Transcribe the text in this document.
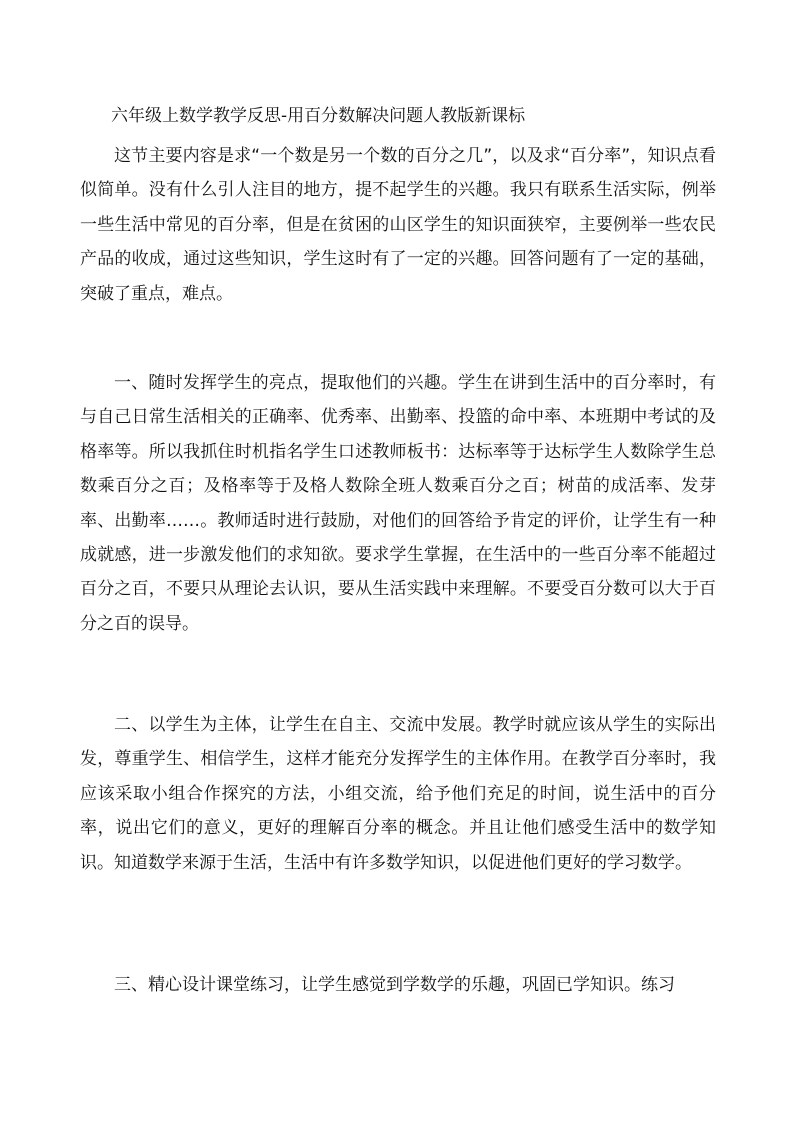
六年级上数学教学反思-用百分数解决问题人教版新课标

这节主要内容是求“一个数是另一个数的百分之几”，以及求“百分率”，知识点看似简单。没有什么引人注目的地方，提不起学生的兴趣。我只有联系生活实际，例举一些生活中常见的百分率，但是在贫困的山区学生的知识面狭窄，主要例举一些农民产品的收成，通过这些知识，学生这时有了一定的兴趣。回答问题有了一定的基础，突破了重点，难点。

一、随时发挥学生的亮点，提取他们的兴趣。学生在讲到生活中的百分率时，有与自己日常生活相关的正确率、优秀率、出勤率、投篮的命中率、本班期中考试的及格率等。所以我抓住时机指名学生口述教师板书：达标率等于达标学生人数除学生总数乘百分之百；及格率等于及格人数除全班人数乘百分之百；树苗的成活率、发芽率、出勤率……。教师适时进行鼓励，对他们的回答给予肯定的评价，让学生有一种成就感，进一步激发他们的求知欲。要求学生掌握，在生活中的一些百分率不能超过百分之百，不要只从理论去认识，要从生活实践中来理解。不要受百分数可以大于百分之百的误导。

二、以学生为主体，让学生在自主、交流中发展。教学时就应该从学生的实际出发，尊重学生、相信学生，这样才能充分发挥学生的主体作用。在教学百分率时，我应该采取小组合作探究的方法，小组交流，给予他们充足的时间，说生活中的百分率，说出它们的意义，更好的理解百分率的概念。并且让他们感受生活中的数学知识。知道数学来源于生活，生活中有许多数学知识，以促进他们更好的学习数学。

三、精心设计课堂练习，让学生感觉到学数学的乐趣，巩固已学知识。练习
